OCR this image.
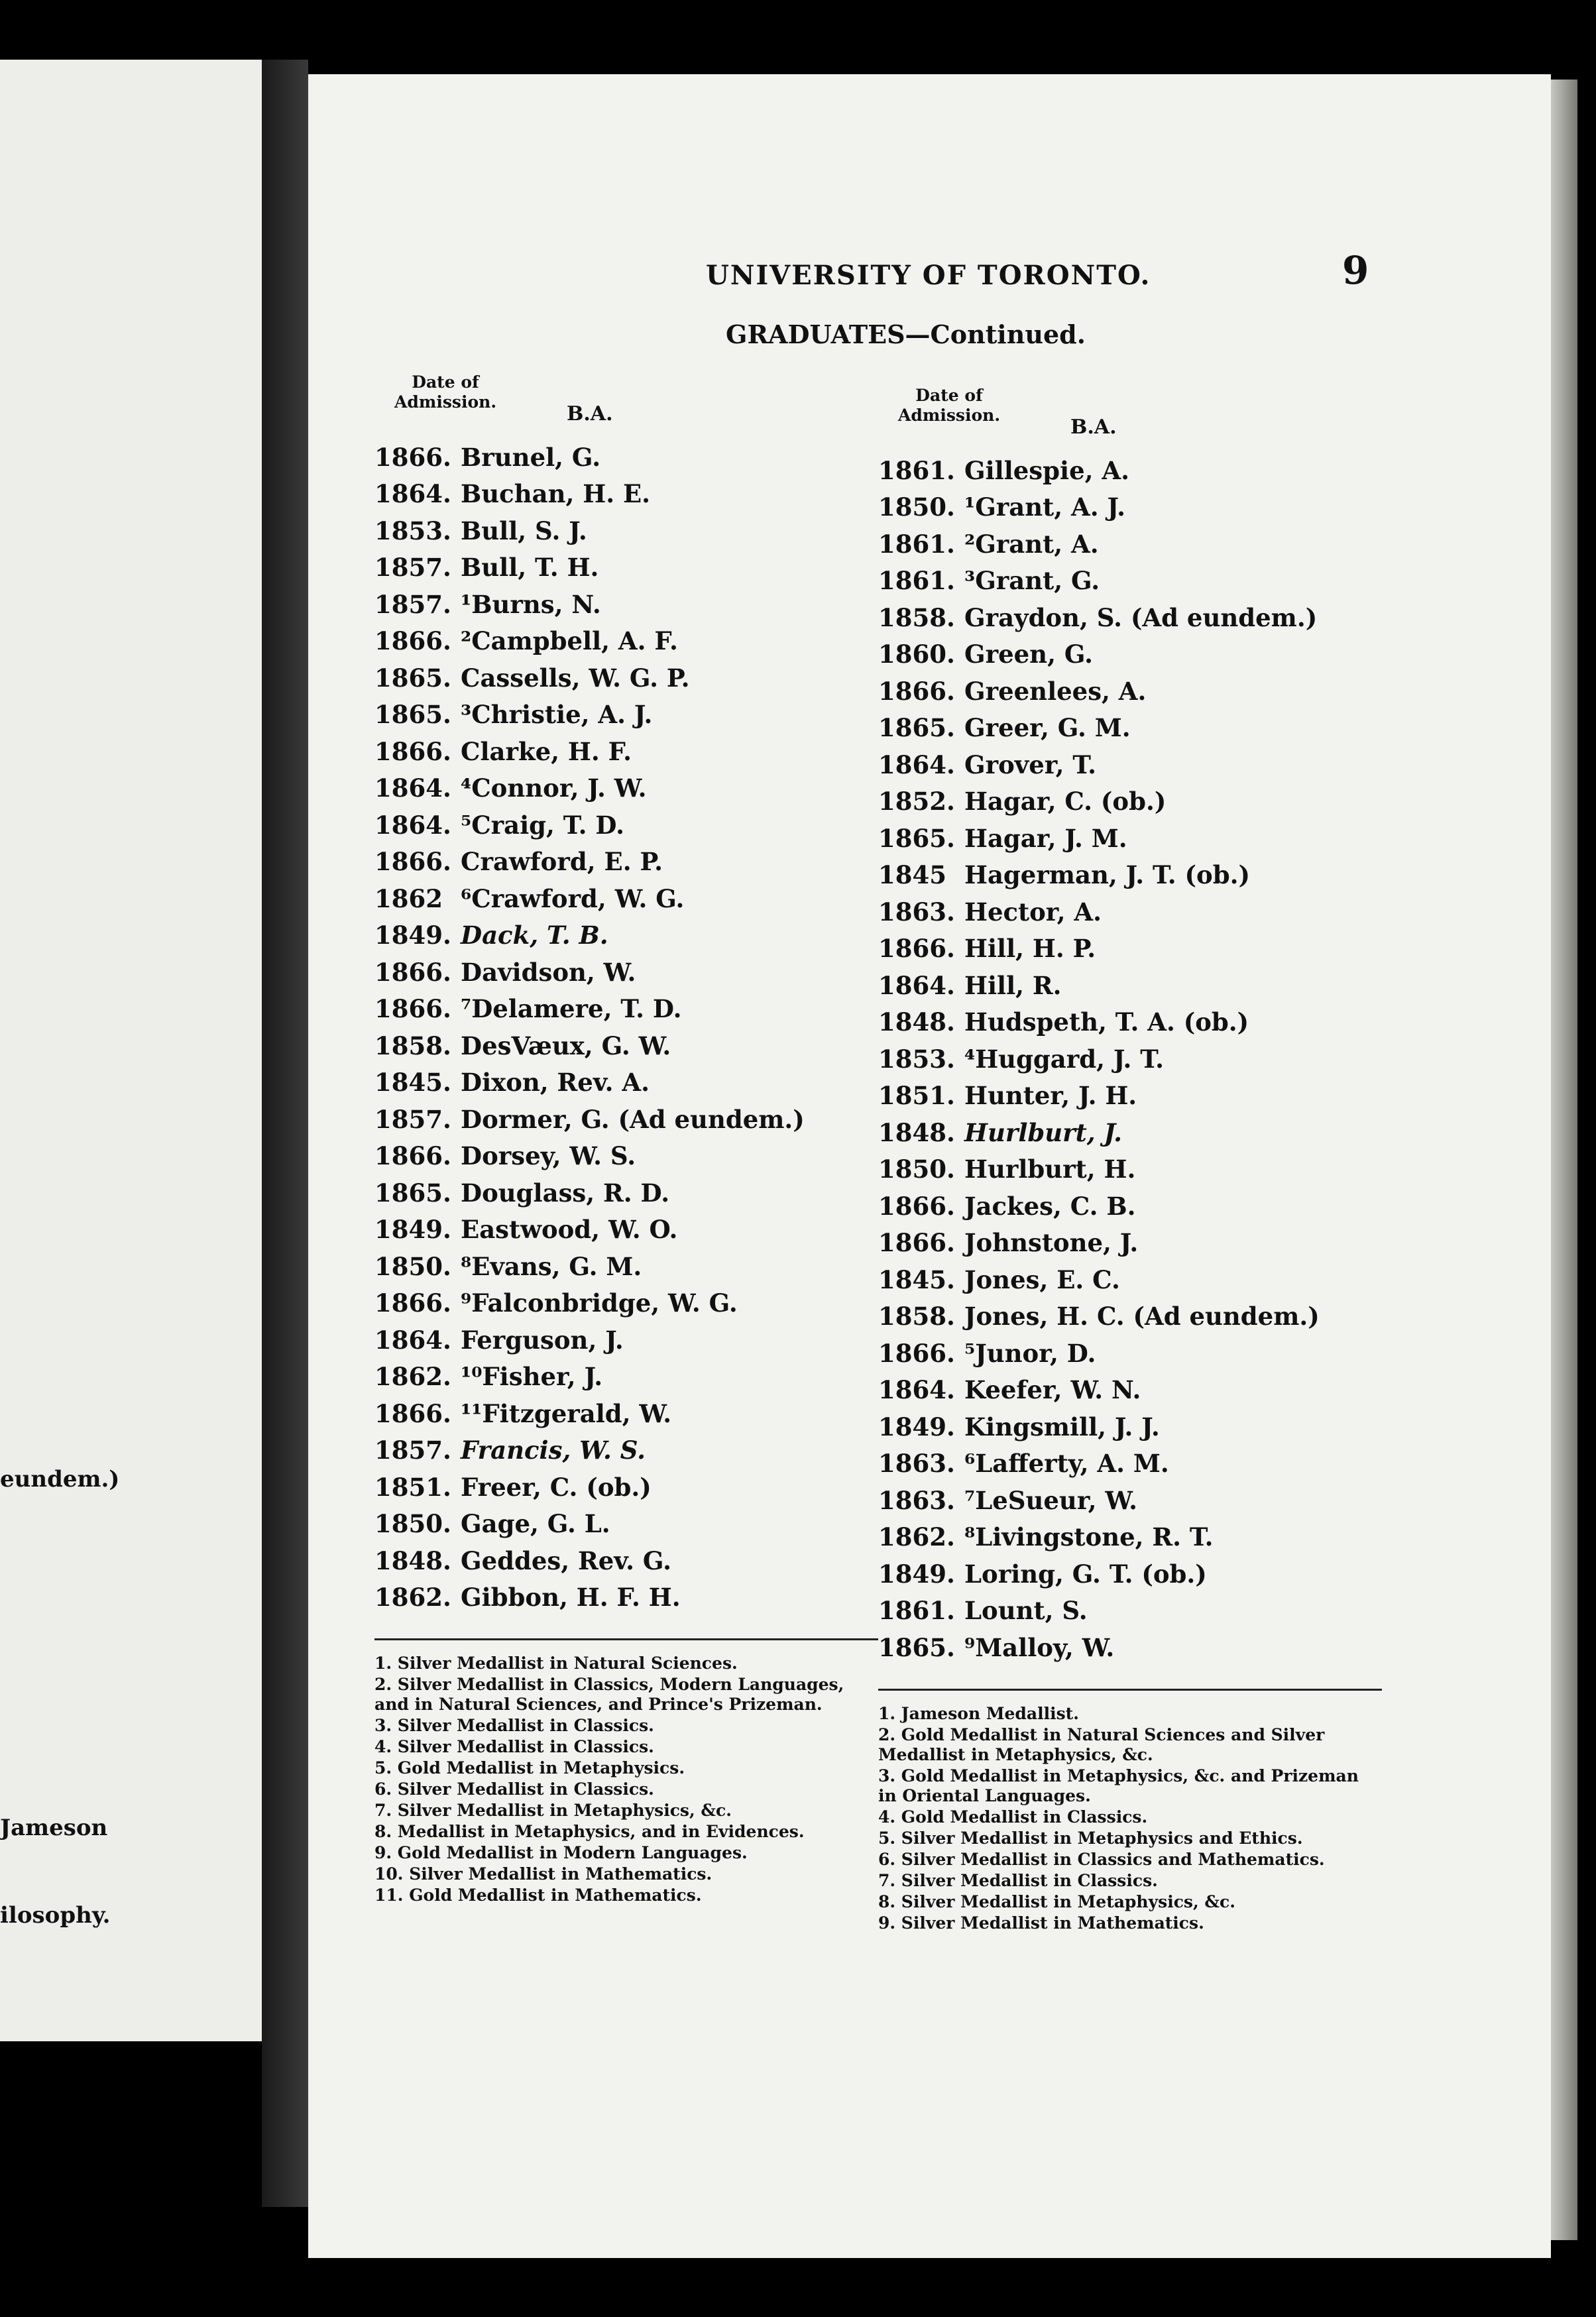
eundem.)
Jameson
ilosophy.
UNIVERSITY OF TORONTO.	9
GRADUATES—Continued.
Date of
Admission.
B.A.
1866. Brunel, G.
1864. Buchan, H. E.
1853. Bull, S. J.
1857. Bull, T. H.
1857. ¹Burns, N.
1866. ²Campbell, A. F.
1865. Cassells, W. G. P.
1865. ³Christie, A. J.
1866. Clarke, H. F.
1864. ⁴Connor, J. W.
1864. ⁵Craig, T. D.
1866. Crawford, E. P.
1862 ⁶Crawford, W. G.
1849. Dack, T. B.
1866. Davidson, W.
1866. ⁷Delamere, T. D.
1858. DesVæux, G. W.
1845. Dixon, Rev. A.
1857. Dormer, G. (Ad eundem.)
1866. Dorsey, W. S.
1865. Douglass, R. D.
1849. Eastwood, W. O.
1850. ⁸Evans, G. M.
1866. ⁹Falconbridge, W. G.
1864. Ferguson, J.
1862. ¹⁰Fisher, J.
1866. ¹¹Fitzgerald, W.
1857. Francis, W. S.
1851. Freer, C. (ob.)
1850. Gage, G. L.
1848. Geddes, Rev. G.
1862. Gibbon, H. F. H.
1. Silver Medallist in Natural Sciences.
2. Silver Medallist in Classics, Modern Languages, and in Natural Sciences, and Prince's Prizeman.
3. Silver Medallist in Classics.
4. Silver Medallist in Classics.
5. Gold Medallist in Metaphysics.
6. Silver Medallist in Classics.
7. Silver Medallist in Metaphysics, &c.
8. Medallist in Metaphysics, and in Evidences.
9. Gold Medallist in Modern Languages.
10. Silver Medallist in Mathematics.
11. Gold Medallist in Mathematics.
Date of
Admission.
B.A.
1861. Gillespie, A.
1850. ¹Grant, A. J.
1861. ²Grant, A.
1861. ³Grant, G.
1858. Graydon, S. (Ad eundem.)
1860. Green, G.
1866. Greenlees, A.
1865. Greer, G. M.
1864. Grover, T.
1852. Hagar, C. (ob.)
1865. Hagar, J. M.
1845 Hagerman, J. T. (ob.)
1863. Hector, A.
1866. Hill, H. P.
1864. Hill, R.
1848. Hudspeth, T. A. (ob.)
1853. ⁴Huggard, J. T.
1851. Hunter, J. H.
1848. Hurlburt, J.
1850. Hurlburt, H.
1866. Jackes, C. B.
1866. Johnstone, J.
1845. Jones, E. C.
1858. Jones, H. C. (Ad eundem.)
1866. ⁵Junor, D.
1864. Keefer, W. N.
1849. Kingsmill, J. J.
1863. ⁶Lafferty, A. M.
1863. ⁷LeSueur, W.
1862. ⁸Livingstone, R. T.
1849. Loring, G. T. (ob.)
1861. Lount, S.
1865. ⁹Malloy, W.
1. Jameson Medallist.
2. Gold Medallist in Natural Sciences and Silver Medallist in Metaphysics, &c.
3. Gold Medallist in Metaphysics, &c. and Prizeman in Oriental Languages.
4. Gold Medallist in Classics.
5. Silver Medallist in Metaphysics and Ethics.
6. Silver Medallist in Classics and Mathematics.
7. Silver Medallist in Classics.
8. Silver Medallist in Metaphysics, &c.
9. Silver Medallist in Mathematics.
